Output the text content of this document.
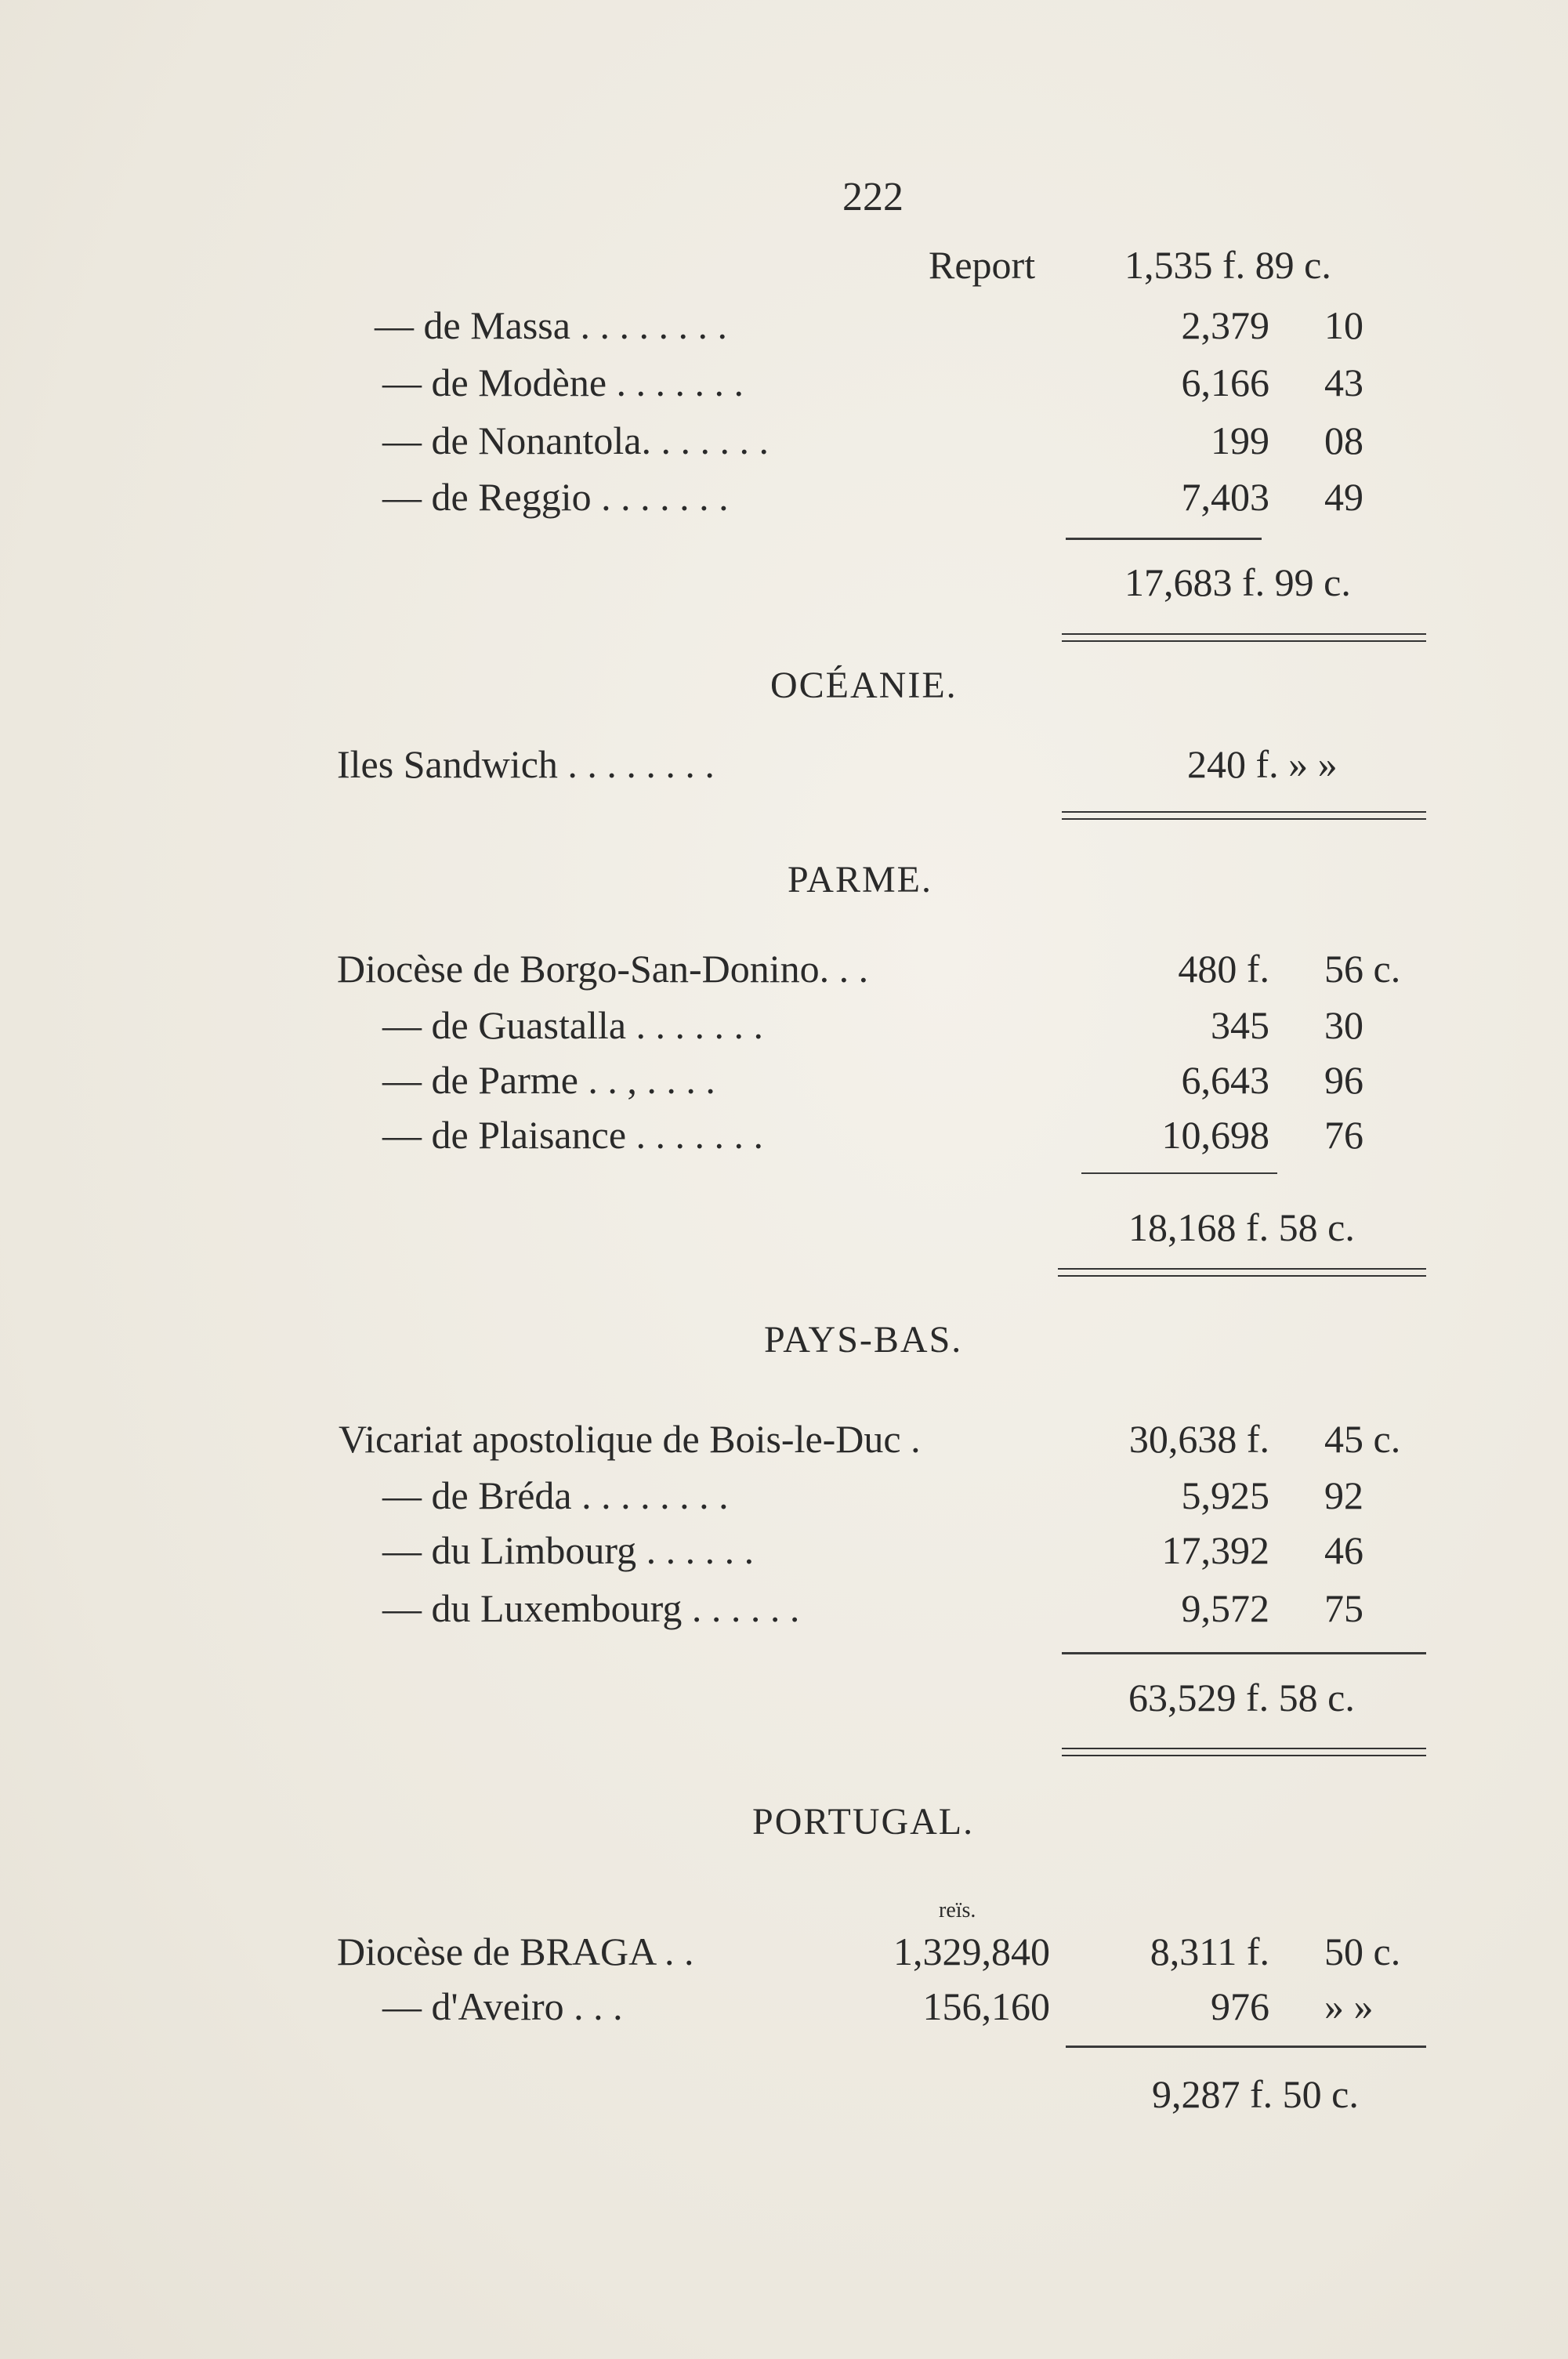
222
Report 1,535 f. 89 c.
— de Massa . . . . . . . .	2,379 10
— de Modène . . . . . . .	6,166 43
— de Nonantola. . . . . . .	199 08
— de Reggio . . . . . . .	7,403 49
17,683 f. 99 c.
OCÉANIE.
Iles Sandwich . . . . . . . .	240 f. » »
PARME.
Diocèse de Borgo-San-Donino. . .	480 f. 56 c.
— de Guastalla . . . . . . .	345 30
— de Parme . . , . . . .	6,643 96
— de Plaisance . . . . . . .	10,698 76
18,168 f. 58 c.
PAYS-BAS.
Vicariat apostolique de Bois-le-Duc .	30,638 f. 45 c.
— de Bréda . . . . . . . .	5,925 92
— du Limbourg . . . . . .	17,392 46
— du Luxembourg . . . . . .	9,572 75
63,529 f. 58 c.
PORTUGAL.
reïs.
Diocèse de BRAGA . .	1,329,840	8,311 f. 50 c.
— d'Aveiro . . .	156,160	976 » »
9,287 f. 50 c.
